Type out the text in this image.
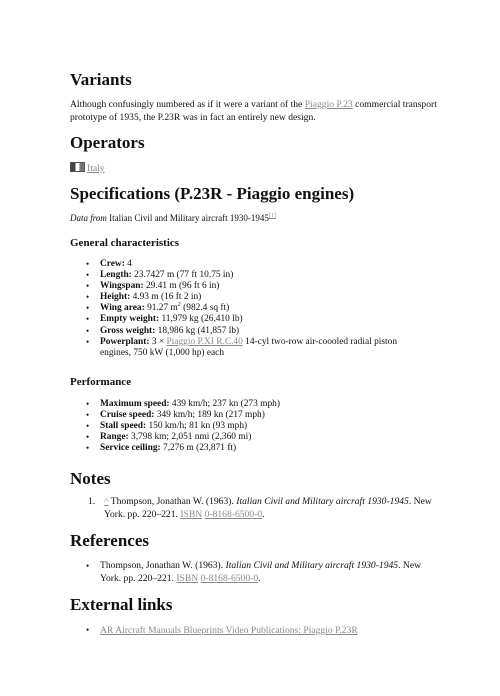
Variants

Although confusingly numbered as if it were a variant of the Piaggio P.23 commercial transport prototype of 1935, the P.23R was in fact an entirely new design.

Operators

Italy

Specifications (P.23R - Piaggio engines)

Data from Italian Civil and Military aircraft 1930-1945[1]

General characteristics
• Crew: 4
• Length: 23.7427 m (77 ft 10.75 in)
• Wingspan: 29.41 m (96 ft 6 in)
• Height: 4.93 m (16 ft 2 in)
• Wing area: 91.27 $m^2$ (982.4 sq ft)
• Empty weight: 11,979 kg (26,410 lb)
• Gross weight: 18,986 kg (41,857 lb)
• Powerplant: 3 × Piaggio P.XI R.C.40 14-cyl two-row air-coooled radial piston engines, 750 kW (1,000 hp) each
Performance
• Maximum speed: 439 km/h; 237 kn (273 mph)
• Cruise speed: 349 km/h; 189 kn (217 mph)
• Stall speed: 150 km/h; 81 kn (93 mph)
• Range: 3,798 km; 2,051 nmi (2,360 mi)
• Service ceiling: 7,276 m (23,871 ft)
Notes
1. ^ Thompson, Jonathan W. (1963). Italian Civil and Military aircraft 1930-1945. New York. pp. 220–221. ISBN 0-8168-6500-0.

References
• Thompson, Jonathan W. (1963). Italian Civil and Military aircraft 1930-1945. New York. pp. 220–221. ISBN 0-8168-6500-0.
External links
• AR Aircraft Manuals Blueprints Video Publications: Piaggio P.23R
